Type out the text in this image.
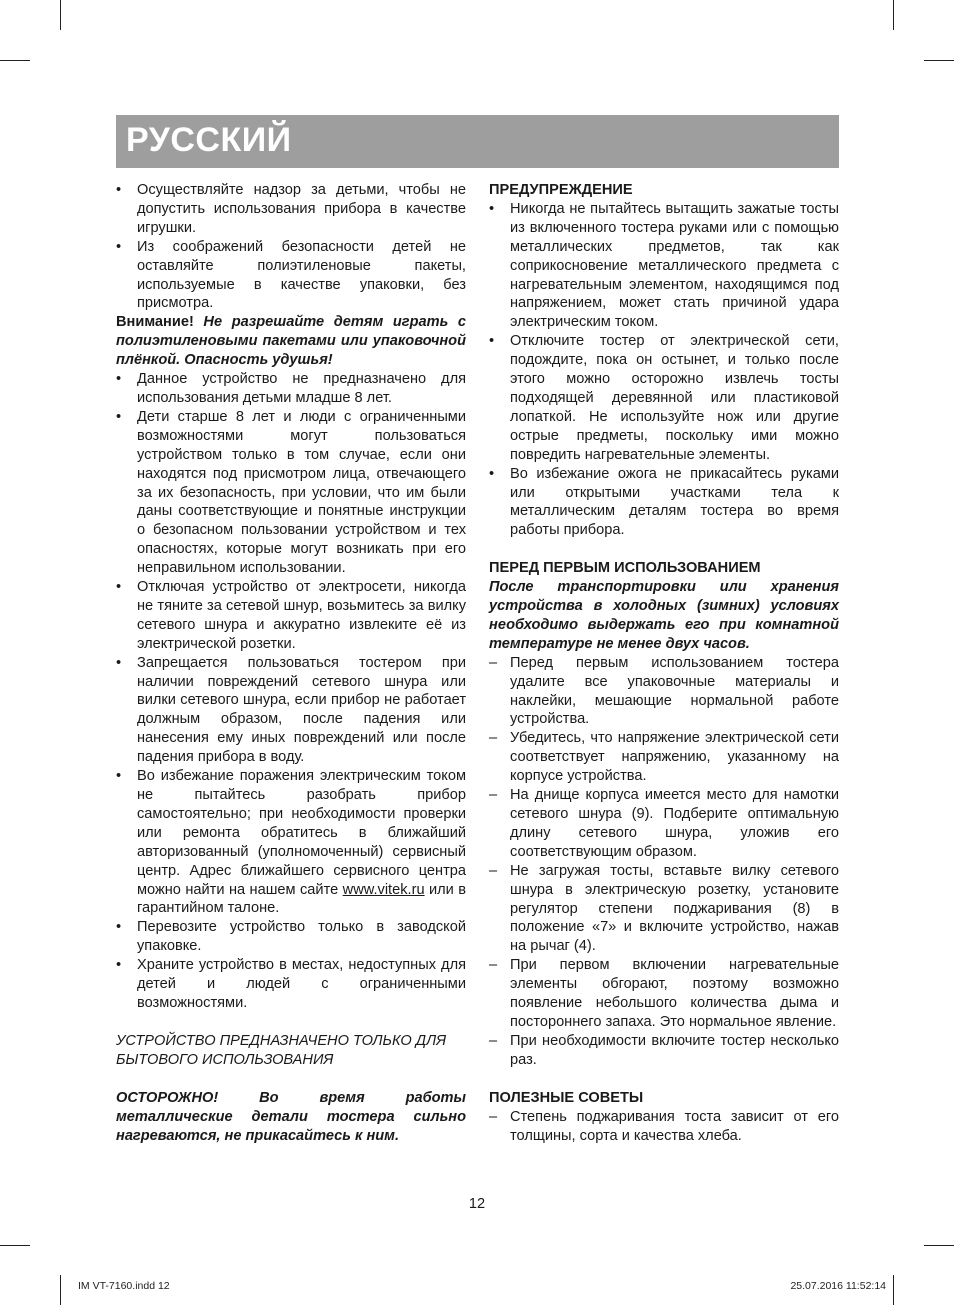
РУССКИЙ
• Осуществляйте надзор за детьми, чтобы не допустить использования прибора в качестве игрушки.
• Из соображений безопасности детей не оставляйте полиэтиленовые пакеты, используемые в качестве упаковки, без присмотра.

Внимание! Не разрешайте детям играть с полиэтиленовыми пакетами или упаковочной плёнкой. Опасность удушья!

• Данное устройство не предназначено для использования детьми младше 8 лет.
• Дети старше 8 лет и люди с ограниченными возможностями могут пользоваться устройством только в том случае, если они находятся под присмотром лица, отвечающего за их безопасность, при условии, что им были даны соответствующие и понятные инструкции о безопасном пользовании устройством и тех опасностях, которые могут возникать при его неправильном использовании.
• Отключая устройство от электросети, никогда не тяните за сетевой шнур, возьмитесь за вилку сетевого шнура и аккуратно извлеките её из электрической розетки.
• Запрещается пользоваться тостером при наличии повреждений сетевого шнура или вилки сетевого шнура, если прибор не работает должным образом, после падения или нанесения ему иных повреждений или после падения прибора в воду.
• Во избежание поражения электрическим током не пытайтесь разобрать прибор самостоятельно; при необходимости проверки или ремонта обратитесь в ближайший авторизованный (уполномоченный) сервисный центр. Адрес ближайшего сервисного центра можно найти на нашем сайте www.vitek.ru или в гарантийном талоне.
• Перевозите устройство только в заводской упаковке.
• Храните устройство в местах, недоступных для детей и людей с ограниченными возможностями.

УСТРОЙСТВО ПРЕДНАЗНАЧЕНО ТОЛЬКО ДЛЯ БЫТОВОГО ИСПОЛЬЗОВАНИЯ

ОСТОРОЖНО! Во время работы металлические детали тостера сильно нагреваются, не прикасайтесь к ним.

ПРЕДУПРЕЖДЕНИЕ
• Никогда не пытайтесь вытащить зажатые тосты из включенного тостера руками или с помощью металлических предметов, так как соприкосновение металлического предмета с нагревательным элементом, находящимся под напряжением, может стать причиной удара электрическим током.
• Отключите тостер от электрической сети, подождите, пока он остынет, и только после этого можно осторожно извлечь тосты подходящей деревянной или пластиковой лопаткой. Не используйте нож или другие острые предметы, поскольку ими можно повредить нагревательные элементы.
• Во избежание ожога не прикасайтесь руками или открытыми участками тела к металлическим деталям тостера во время работы прибора.
ПЕРЕД ПЕРВЫМ ИСПОЛЬЗОВАНИЕМ

После транспортировки или хранения устройства в холодных (зимних) условиях необходимо выдержать его при комнатной температуре не менее двух часов.

– Перед первым использованием тостера удалите все упаковочные материалы и наклейки, мешающие нормальной работе устройства.
– Убедитесь, что напряжение электрической сети соответствует напряжению, указанному на корпусе устройства.
– На днище корпуса имеется место для намотки сетевого шнура (9). Подберите оптимальную длину сетевого шнура, уложив его соответствующим образом.
– Не загружая тосты, вставьте вилку сетевого шнура в электрическую розетку, установите регулятор степени поджаривания (8) в положение «7» и включите устройство, нажав на рычаг (4).
– При первом включении нагревательные элементы обгорают, поэтому возможно появление небольшого количества дыма и постороннего запаха. Это нормальное явление.
– При необходимости включите тостер несколько раз.
ПОЛЕЗНЫЕ СОВЕТЫ
– Степень поджаривания тоста зависит от его толщины, сорта и качества хлеба.
12
IM VT-7160.indd 12	25.07.2016 11:52:14
